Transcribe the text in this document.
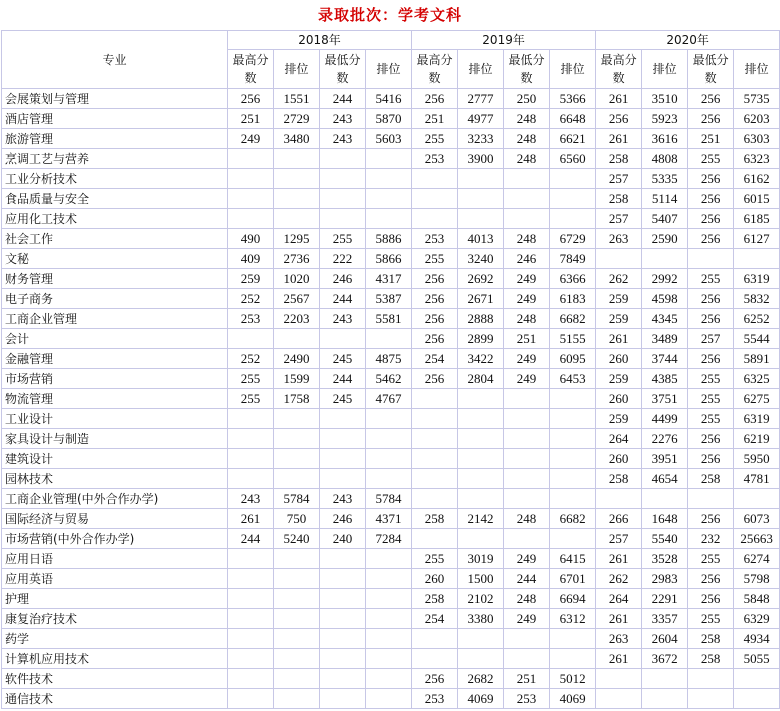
录取批次：学考文科
专业	2018年				2019年				2020年			
	最高分数	排位	最低分数	排位	最高分数	排位	最低分数	排位	最高分数	排位	最低分数	排位
会展策划与管理	256	1551	244	5416	256	2777	250	5366	261	3510	256	5735
酒店管理	251	2729	243	5870	251	4977	248	6648	256	5923	256	6203
旅游管理	249	3480	243	5603	255	3233	248	6621	261	3616	251	6303
烹调工艺与营养					253	3900	248	6560	258	4808	255	6323
工业分析技术									257	5335	256	6162
食品质量与安全									258	5114	256	6015
应用化工技术									257	5407	256	6185
社会工作	490	1295	255	5886	253	4013	248	6729	263	2590	256	6127
文秘	409	2736	222	5866	255	3240	246	7849				
财务管理	259	1020	246	4317	256	2692	249	6366	262	2992	255	6319
电子商务	252	2567	244	5387	256	2671	249	6183	259	4598	256	5832
工商企业管理	253	2203	243	5581	256	2888	248	6682	259	4345	256	6252
会计					256	2899	251	5155	261	3489	257	5544
金融管理	252	2490	245	4875	254	3422	249	6095	260	3744	256	5891
市场营销	255	1599	244	5462	256	2804	249	6453	259	4385	255	6325
物流管理	255	1758	245	4767					260	3751	255	6275
工业设计									259	4499	255	6319
家具设计与制造									264	2276	256	6219
建筑设计									260	3951	256	5950
园林技术									258	4654	258	4781
工商企业管理(中外合作办学)	243	5784	243	5784								
国际经济与贸易	261	750	246	4371	258	2142	248	6682	266	1648	256	6073
市场营销(中外合作办学)	244	5240	240	7284					257	5540	232	25663
应用日语					255	3019	249	6415	261	3528	255	6274
应用英语					260	1500	244	6701	262	2983	256	5798
护理					258	2102	248	6694	264	2291	256	5848
康复治疗技术					254	3380	249	6312	261	3357	255	6329
药学									263	2604	258	4934
计算机应用技术									261	3672	258	5055
软件技术					256	2682	251	5012				
通信技术					253	4069	253	4069				
